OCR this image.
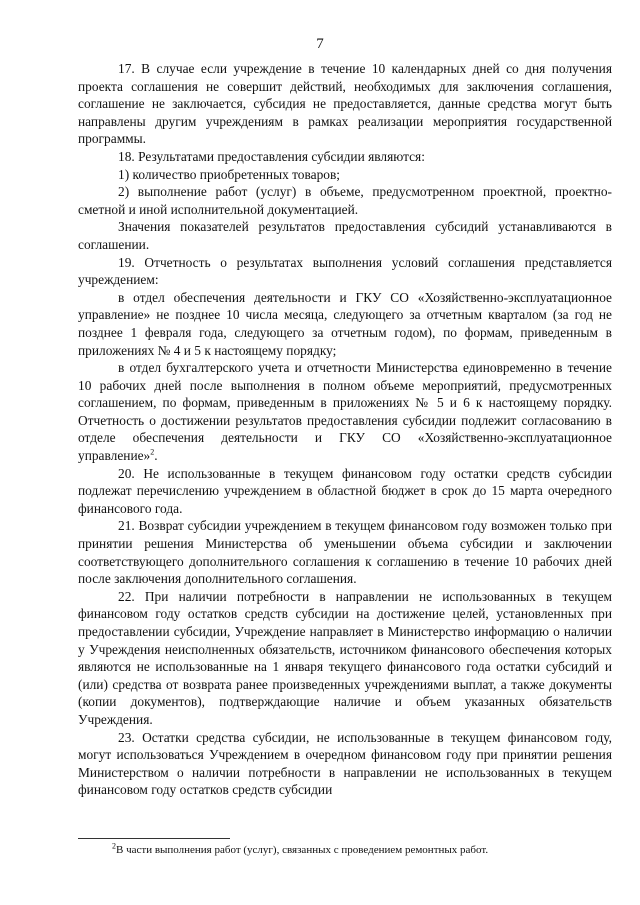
7

17. В случае если учреждение в течение 10 календарных дней со дня получения проекта соглашения не совершит действий, необходимых для заключения соглашения, соглашение не заключается, субсидия не предоставляется, данные средства могут быть направлены другим учреждениям в рамках реализации мероприятия государственной программы.

18. Результатами предоставления субсидии являются:

1) количество приобретенных товаров;

2) выполнение работ (услуг) в объеме, предусмотренном проектной, проектно-сметной и иной исполнительной документацией.

Значения показателей результатов предоставления субсидий устанавливаются в соглашении.

19. Отчетность о результатах выполнения условий соглашения представляется учреждением:

в отдел обеспечения деятельности и ГКУ СО «Хозяйственно-эксплуатационное управление» не позднее 10 числа месяца, следующего за отчетным кварталом (за год не позднее 1 февраля года, следующего за отчетным годом), по формам, приведенным в приложениях № 4 и 5 к настоящему порядку;

в отдел бухгалтерского учета и отчетности Министерства единовременно в течение 10 рабочих дней после выполнения в полном объеме мероприятий, предусмотренных соглашением, по формам, приведенным в приложениях № 5 и 6 к настоящему порядку. Отчетность о достижении результатов предоставления субсидии подлежит согласованию в отделе обеспечения деятельности и ГКУ СО «Хозяйственно-эксплуатационное управление»$^2$.

20. Не использованные в текущем финансовом году остатки средств субсидии подлежат перечислению учреждением в областной бюджет в срок до 15 марта очередного финансового года.

21. Возврат субсидии учреждением в текущем финансовом году возможен только при принятии решения Министерства об уменьшении объема субсидии и заключении соответствующего дополнительного соглашения к соглашению в течение 10 рабочих дней после заключения дополнительного соглашения.

22. При наличии потребности в направлении не использованных в текущем финансовом году остатков средств субсидии на достижение целей, установленных при предоставлении субсидии, Учреждение направляет в Министерство информацию о наличии у Учреждения неисполненных обязательств, источником финансового обеспечения которых являются не использованные на 1 января текущего финансового года остатки субсидий и (или) средства от возврата ранее произведенных учреждениями выплат, а также документы (копии документов), подтверждающие наличие и объем указанных обязательств Учреждения.

23. Остатки средства субсидии, не использованные в текущем финансовом году, могут использоваться Учреждением в очередном финансовом году при принятии решения Министерством о наличии потребности в направлении не использованных в текущем финансовом году остатков средств субсидии

$^2$В части выполнения работ (услуг), связанных с проведением ремонтных работ.
